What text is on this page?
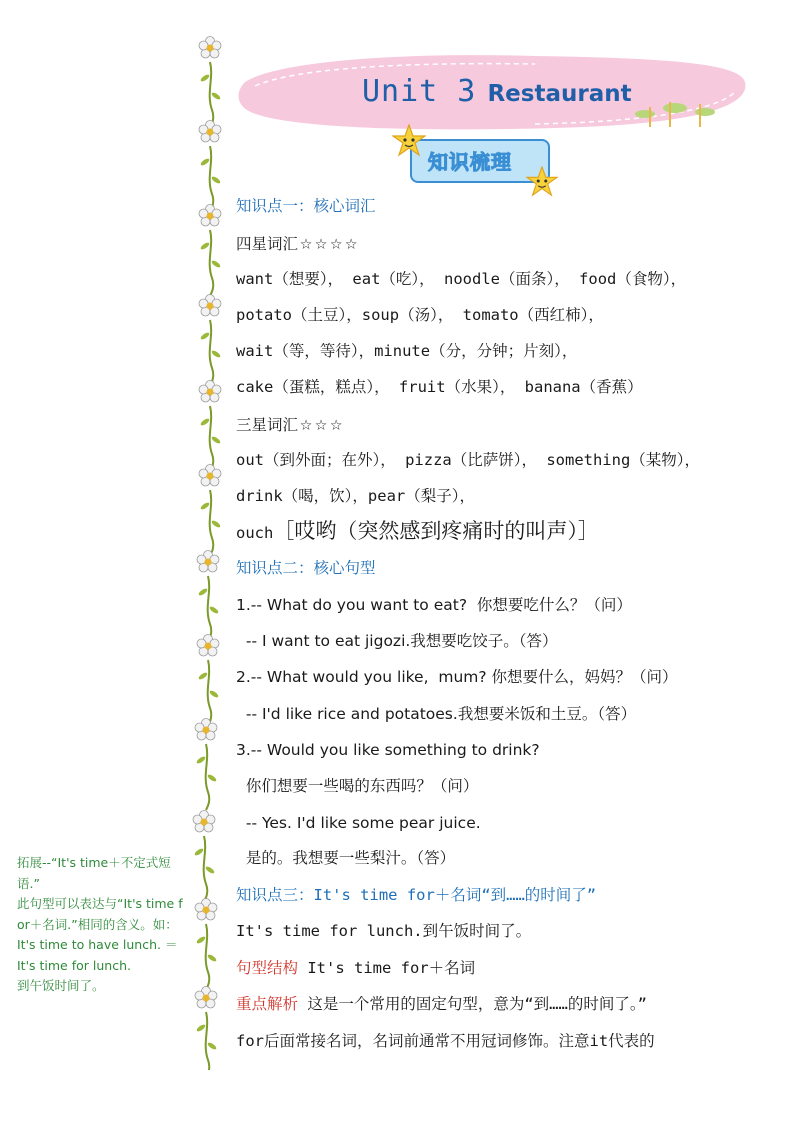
Unit 3 Restaurant
知识梳理
知识点一：核心词汇
四星词汇 ☆☆☆☆
want（想要）， eat（吃）， noodle（面条）， food（食物），
potato（土豆），soup（汤）， tomato（西红柿），
wait（等，等待），minute（分，分钟；片刻），
cake（蛋糕，糕点）， fruit（水果）， banana（香蕉）
三星词汇 ☆☆☆
out（到外面；在外）， pizza（比萨饼）， something（某物），
drink（喝，饮），pear（梨子），
ouch［哎哟（突然感到疼痛时的叫声）］
知识点二：核心句型
1.-- What do you want to eat?  你想要吃什么？（问）
-- I want to eat jigozi.我想要吃饺子。（答）
2.-- What would you like,  mum? 你想要什么，妈妈？（问）
-- I'd like rice and potatoes.我想要米饭和土豆。（答）
3.-- Would you like something to drink?
你们想要一些喝的东西吗？（问）
-- Yes. I'd like some pear juice.
是的。我想要一些梨汁。（答）
知识点三：It's time for＋名词“到……的时间了”
It's time for lunch.到午饭时间了。
句型结构 It's time for＋名词
重点解析 这是一个常用的固定句型，意为“到……的时间了。”
for后面常接名词，名词前通常不用冠词修饰。注意it代表的
拓展--“It's time＋不定式短语.”
此句型可以表达与“It's time for＋名词.”相同的含义。如：
It's time to have lunch. ＝
It's time for lunch.
到午饭时间了。
